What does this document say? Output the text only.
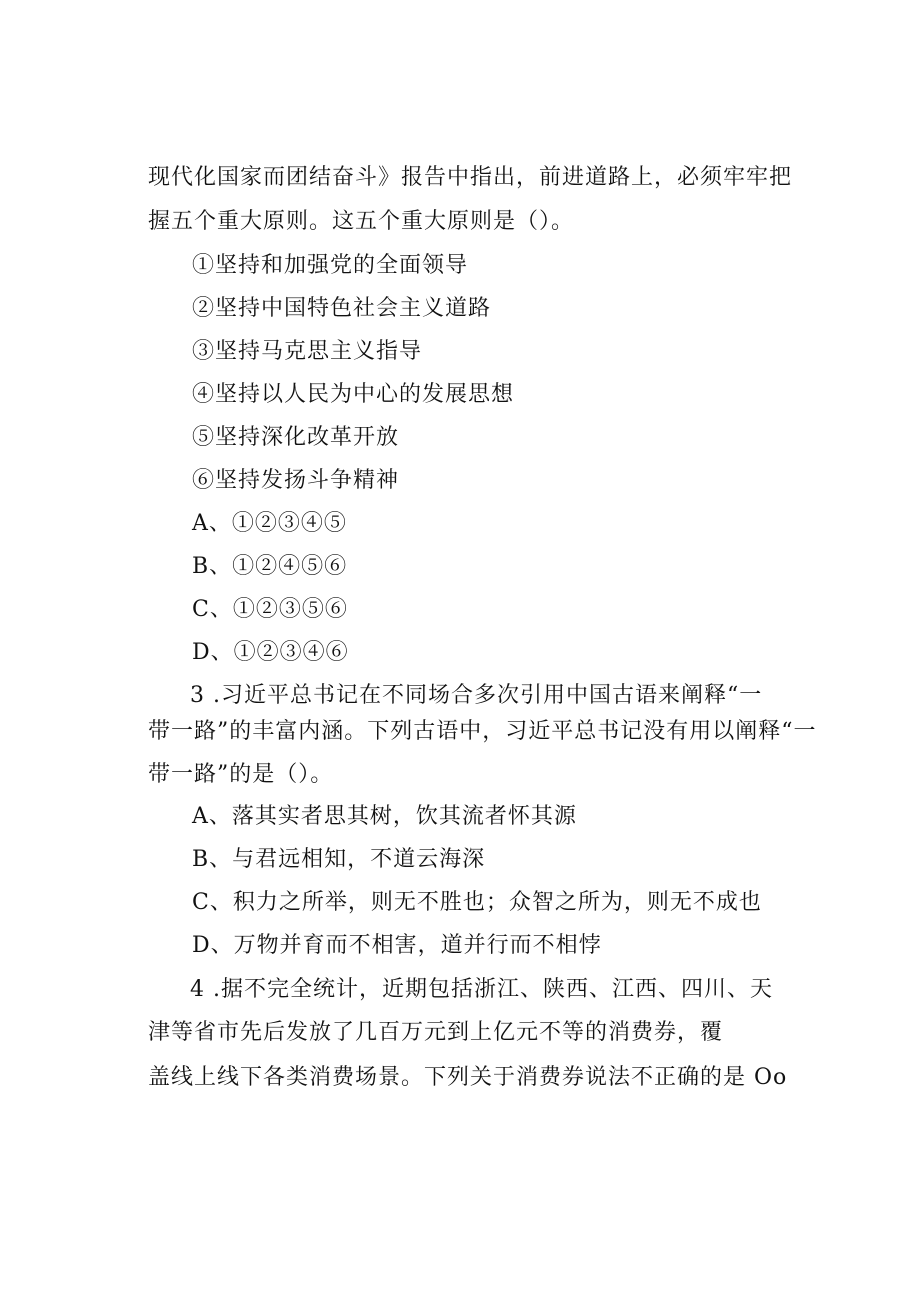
现代化国家而团结奋斗》报告中指出，前进道路上，必须牢牢把
握五个重大原则。这五个重大原则是（）。
①坚持和加强党的全面领导
②坚持中国特色社会主义道路
③坚持马克思主义指导
④坚持以人民为中心的发展思想
⑤坚持深化改革开放
⑥坚持发扬斗争精神
A、①②③④⑤
B、①②④⑤⑥
C、①②③⑤⑥
D、①②③④⑥
3 .习近平总书记在不同场合多次引用中国古语来阐释“一
带一路”的丰富内涵。下列古语中，习近平总书记没有用以阐释“一
带一路”的是（）。
A、落其实者思其树，饮其流者怀其源
B、与君远相知，不道云海深
C、积力之所举，则无不胜也；众智之所为，则无不成也
D、万物并育而不相害，道并行而不相悖
4 .据不完全统计，近期包括浙江、陕西、江西、四川、天
津等省市先后发放了几百万元到上亿元不等的消费券，覆
盖线上线下各类消费场景。下列关于消费券说法不正确的是 Oo
